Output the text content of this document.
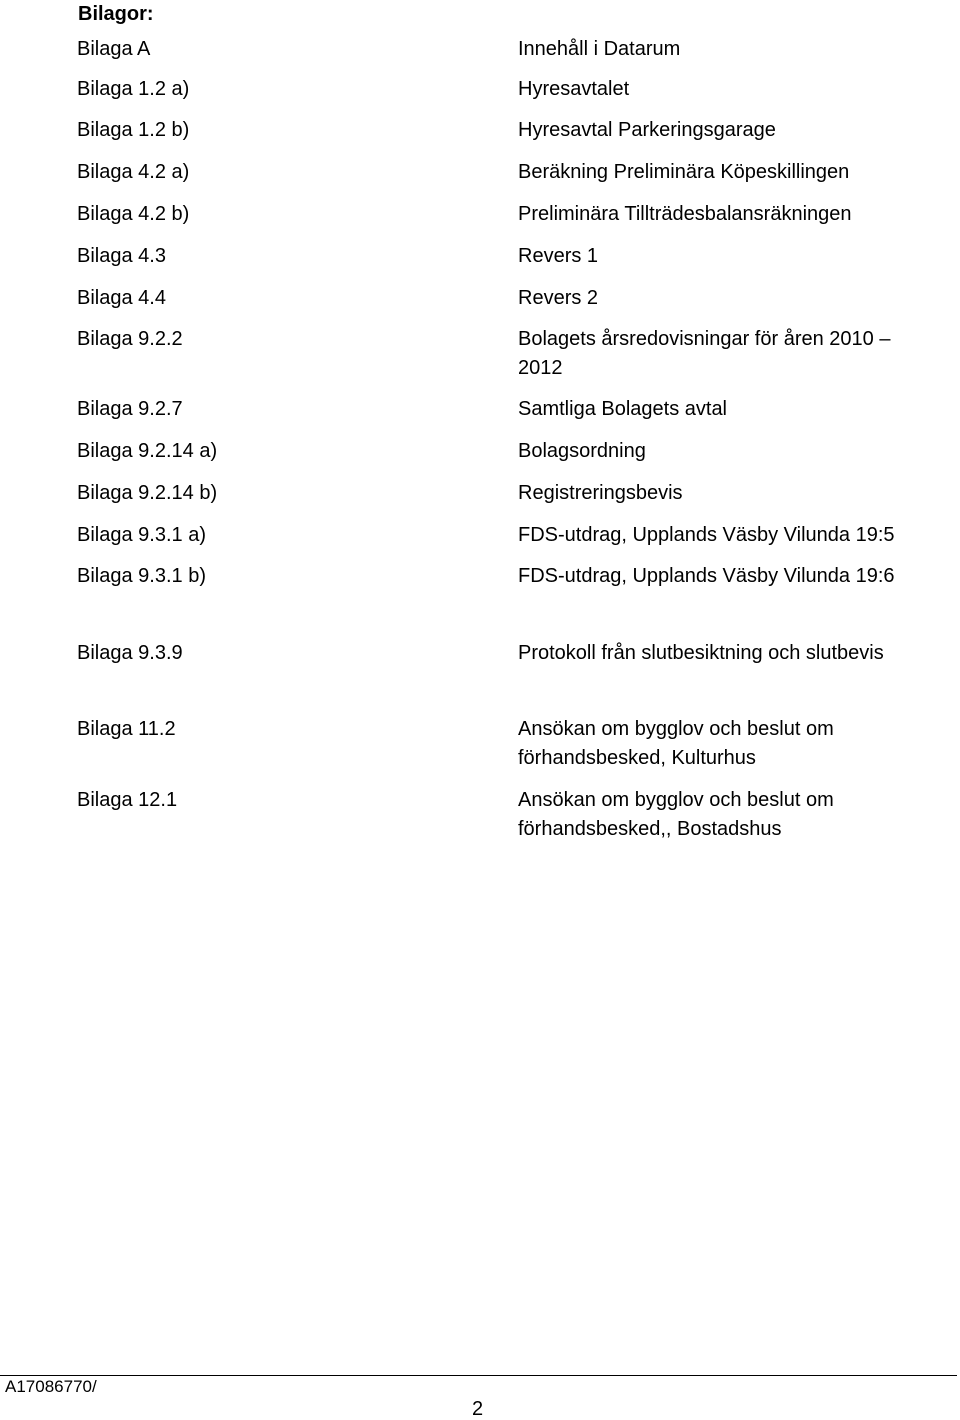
Bilagor:
Bilaga A	Innehåll i Datarum
Bilaga 1.2 a)	Hyresavtalet
Bilaga 1.2 b)	Hyresavtal Parkeringsgarage
Bilaga 4.2 a)	Beräkning Preliminära Köpeskillingen
Bilaga 4.2 b)	Preliminära Tillträdesbalansräkningen
Bilaga 4.3	Revers 1
Bilaga 4.4	Revers 2
Bilaga 9.2.2	Bolagets årsredovisningar för åren 2010 – 2012
Bilaga 9.2.7	Samtliga Bolagets avtal
Bilaga 9.2.14 a)	Bolagsordning
Bilaga 9.2.14 b)	Registreringsbevis
Bilaga 9.3.1 a)	FDS-utdrag, Upplands Väsby Vilunda 19:5
Bilaga 9.3.1 b)	FDS-utdrag, Upplands Väsby Vilunda 19:6
Bilaga 9.3.9	Protokoll från slutbesiktning och slutbevis
Bilaga 11.2	Ansökan om bygglov och beslut om förhandsbesked, Kulturhus
Bilaga 12.1	Ansökan om bygglov och beslut om förhandsbesked,, Bostadshus
A17086770/
2
